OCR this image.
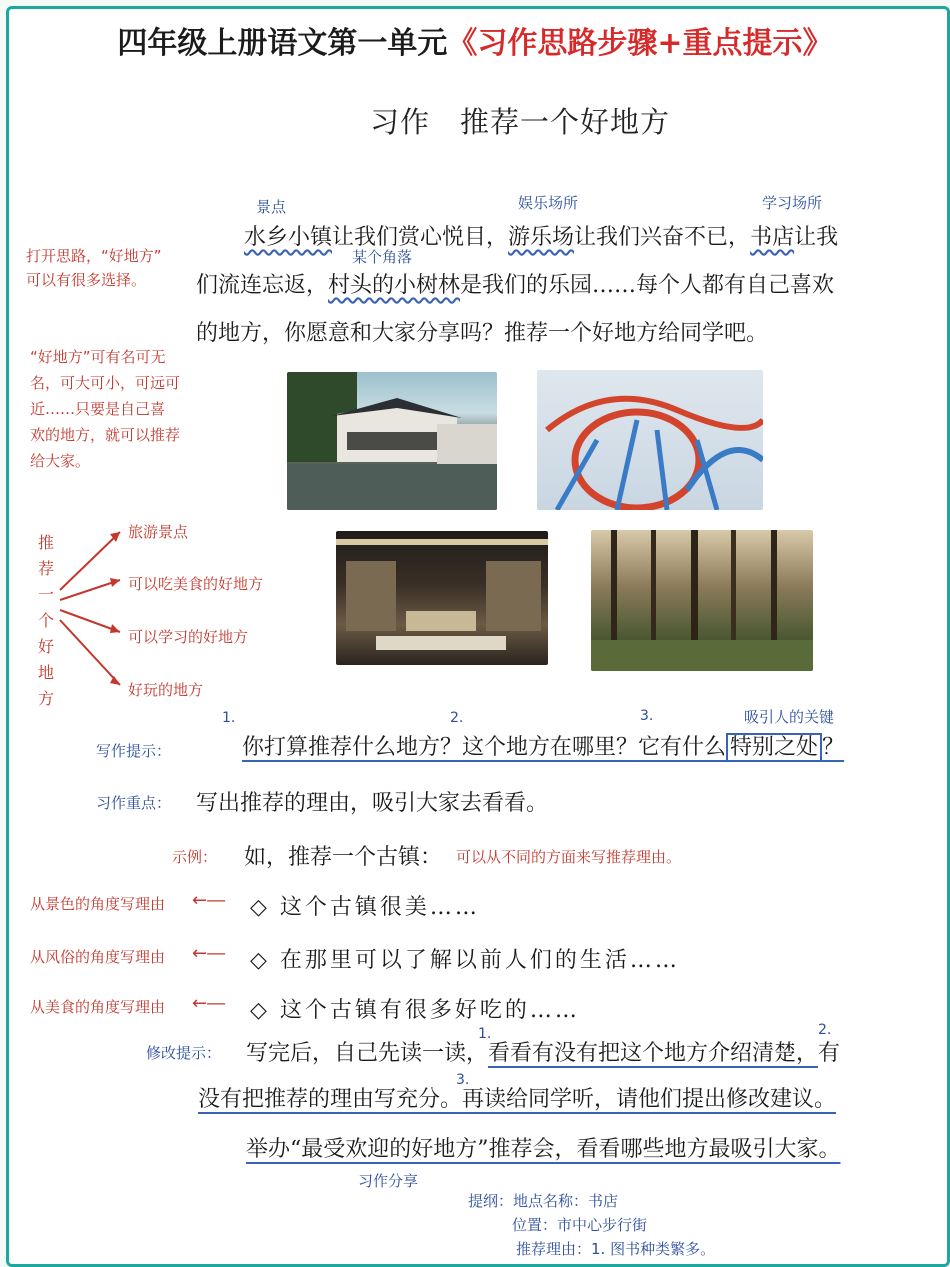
四年级上册语文第一单元《习作思路步骤+重点提示》
习作　推荐一个好地方
景点	娱乐场所	学习场所
某个角落
水乡小镇让我们赏心悦目，游乐场让我们兴奋不已，书店让我
们流连忘返，村头的小树林是我们的乐园……每个人都有自己喜欢
的地方，你愿意和大家分享吗？推荐一个好地方给同学吧。
打开思路，“好地方”
可以有很多选择。
“好地方”可有名可无
名，可大可小，可远可
近……只要是自己喜
欢的地方，就可以推荐
给大家。
推
荐
一
个
好
地
方
旅游景点
可以吃美食的好地方
可以学习的好地方
好玩的地方
写作提示：
1.	2.	3.	吸引人的关键
你打算推荐什么地方？这个地方在哪里？它有什么 特别之处 ？
习作重点： 写出推荐的理由，吸引大家去看看。
示例： 如，推荐一个古镇： 可以从不同的方面来写推荐理由。
从景色的角度写理由 ←― ◇ 这个古镇很美……
从风俗的角度写理由 ←― ◇ 在那里可以了解以前人们的生活……
从美食的角度写理由 ←― ◇ 这个古镇有很多好吃的……
修改提示：
1.	2.
写完后，自己先读一读，看看有没有把这个地方介绍清楚，有
3.
没有把推荐的理由写充分。再读给同学听，请他们提出修改建议。
举办“最受欢迎的好地方”推荐会，看看哪些地方最吸引大家。
习作分享
提纲：地点名称：书店
位置：市中心步行街
推荐理由：1. 图书种类繁多。
